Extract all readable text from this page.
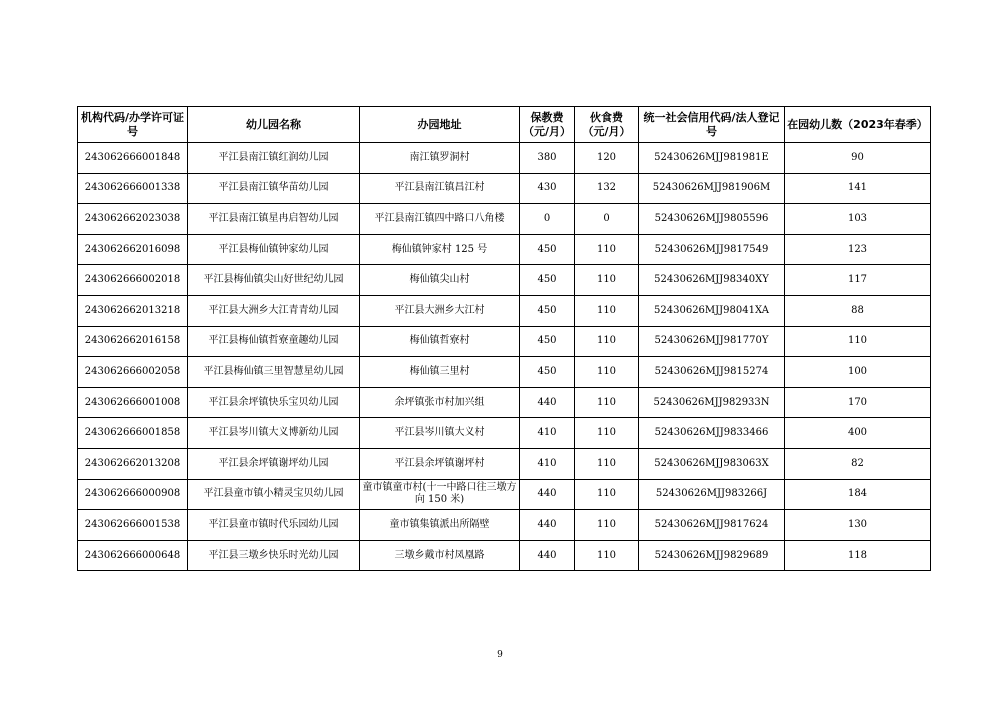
机构代码/办学许可证号	幼儿园名称	办园地址	保教费（元/月）	伙食费（元/月）	统一社会信用代码/法人登记号	在园幼儿数（2023年春季）
243062666001848	平江县南江镇红润幼儿园	南江镇罗洞村	380	120	52430626MJJ981981E	90
243062666001338	平江县南江镇华苗幼儿园	平江县南江镇昌江村	430	132	52430626MJJ981906M	141
243062662023038	平江县南江镇星冉启智幼儿园	平江县南江镇四中路口八角楼	0	0	52430626MJJ9805596	103
243062662016098	平江县梅仙镇钟家幼儿园	梅仙镇钟家村 125 号	450	110	52430626MJJ9817549	123
243062666002018	平江县梅仙镇尖山好世纪幼儿园	梅仙镇尖山村	450	110	52430626MJJ98340XY	117
243062662013218	平江县大洲乡大江青青幼儿园	平江县大洲乡大江村	450	110	52430626MJJ98041XA	88
243062662016158	平江县梅仙镇哲寮童趣幼儿园	梅仙镇哲寮村	450	110	52430626MJJ981770Y	110
243062666002058	平江县梅仙镇三里智慧星幼儿园	梅仙镇三里村	450	110	52430626MJJ9815274	100
243062666001008	平江县余坪镇快乐宝贝幼儿园	余坪镇张市村加兴组	440	110	52430626MJJ982933N	170
243062666001858	平江县岑川镇大义博新幼儿园	平江县岑川镇大义村	410	110	52430626MJJ9833466	400
243062662013208	平江县余坪镇谢坪幼儿园	平江县余坪镇谢坪村	410	110	52430626MJJ983063X	82
243062666000908	平江县童市镇小精灵宝贝幼儿园	童市镇童市村(十一中路口往三墩方向 150 米)	440	110	52430626MJJ983266J	184
243062666001538	平江县童市镇时代乐园幼儿园	童市镇集镇派出所隔壁	440	110	52430626MJJ9817624	130
243062666000648	平江县三墩乡快乐时光幼儿园	三墩乡戴市村凤凰路	440	110	52430626MJJ9829689	118
9
